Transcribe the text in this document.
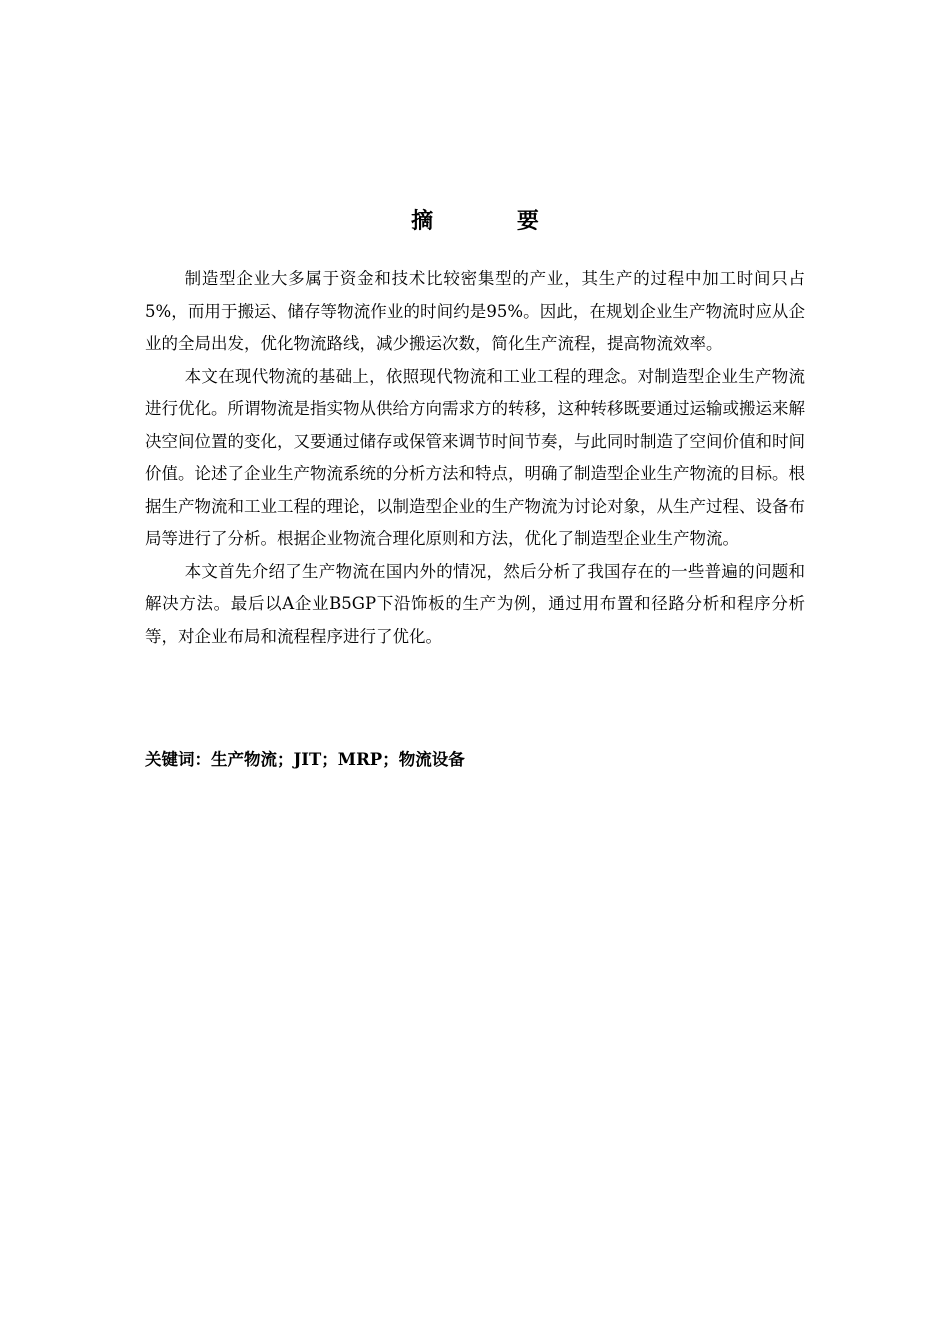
摘 要

制造型企业大多属于资金和技术比较密集型的产业，其生产的过程中加工时间只占5%，而用于搬运、储存等物流作业的时间约是95%。因此，在规划企业生产物流时应从企业的全局出发，优化物流路线，减少搬运次数，简化生产流程，提高物流效率。

本文在现代物流的基础上，依照现代物流和工业工程的理念。对制造型企业生产物流进行优化。所谓物流是指实物从供给方向需求方的转移，这种转移既要通过运输或搬运来解决空间位置的变化，又要通过储存或保管来调节时间节奏，与此同时制造了空间价值和时间价值。论述了企业生产物流系统的分析方法和特点，明确了制造型企业生产物流的目标。根据生产物流和工业工程的理论，以制造型企业的生产物流为讨论对象，从生产过程、设备布局等进行了分析。根据企业物流合理化原则和方法，优化了制造型企业生产物流。

本文首先介绍了生产物流在国内外的情况，然后分析了我国存在的一些普遍的问题和解决方法。最后以A企业B5GP下沿饰板的生产为例，通过用布置和径路分析和程序分析等，对企业布局和流程程序进行了优化。

关键词：生产物流；JIT；MRP；物流设备
